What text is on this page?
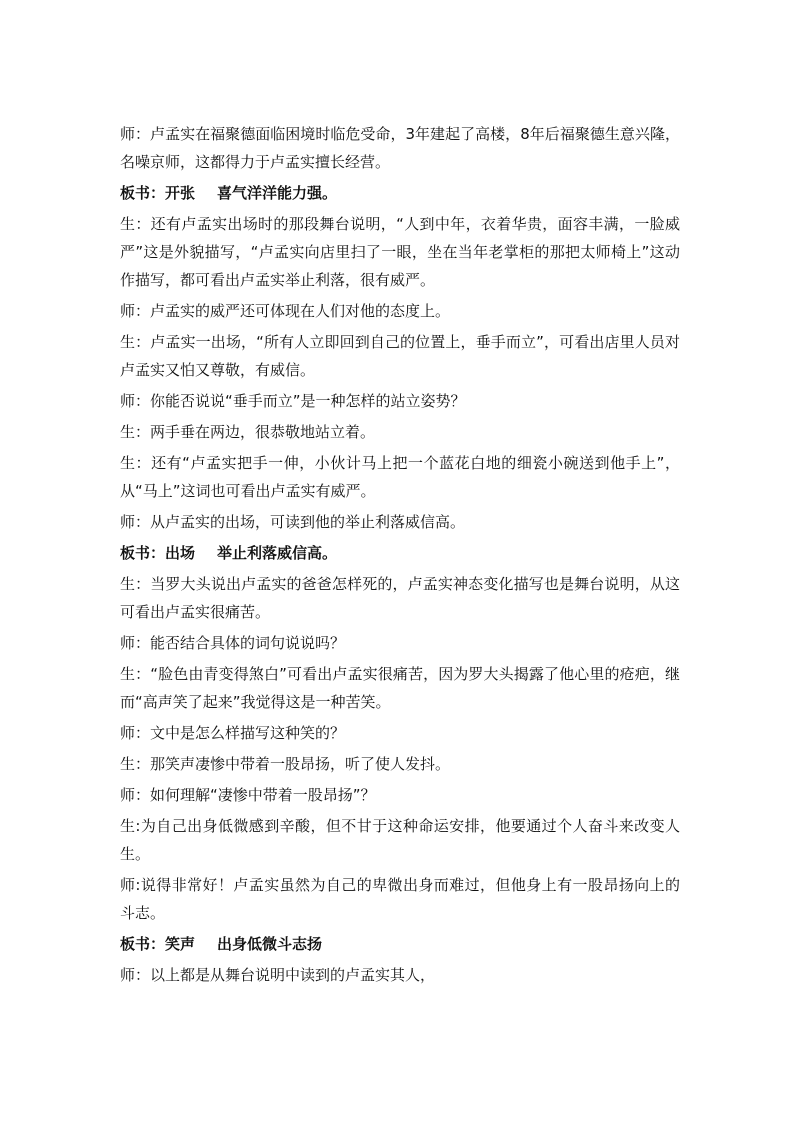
师：卢孟实在福聚德面临困境时临危受命，3年建起了高楼，8年后福聚德生意兴隆，名噪京师，这都得力于卢孟实擅长经营。

板书：开张 喜气洋洋能力强。

生：还有卢孟实出场时的那段舞台说明，“人到中年，衣着华贵，面容丰满，一脸威严”这是外貌描写，“卢孟实向店里扫了一眼，坐在当年老掌柜的那把太师椅上”这动作描写，都可看出卢孟实举止利落，很有威严。

师：卢孟实的威严还可体现在人们对他的态度上。

生：卢孟实一出场，“所有人立即回到自己的位置上，垂手而立”，可看出店里人员对卢孟实又怕又尊敬，有威信。

师：你能否说说“垂手而立”是一种怎样的站立姿势？

生：两手垂在两边，很恭敬地站立着。

生：还有“卢孟实把手一伸，小伙计马上把一个蓝花白地的细瓷小碗送到他手上”，从“马上”这词也可看出卢孟实有威严。

师：从卢孟实的出场，可读到他的举止利落威信高。

板书：出场 举止利落威信高。

生：当罗大头说出卢孟实的爸爸怎样死的，卢孟实神态变化描写也是舞台说明，从这可看出卢孟实很痛苦。

师：能否结合具体的词句说说吗？

生：“脸色由青变得煞白”可看出卢孟实很痛苦，因为罗大头揭露了他心里的疮疤，继而“高声笑了起来”我觉得这是一种苦笑。

师：文中是怎么样描写这种笑的？

生：那笑声凄惨中带着一股昂扬，听了使人发抖。

师：如何理解“凄惨中带着一股昂扬”？

生:为自己出身低微感到辛酸，但不甘于这种命运安排，他要通过个人奋斗来改变人生。

师:说得非常好！卢孟实虽然为自己的卑微出身而难过，但他身上有一股昂扬向上的斗志。

板书：笑声 出身低微斗志扬

师：以上都是从舞台说明中读到的卢孟实其人，
